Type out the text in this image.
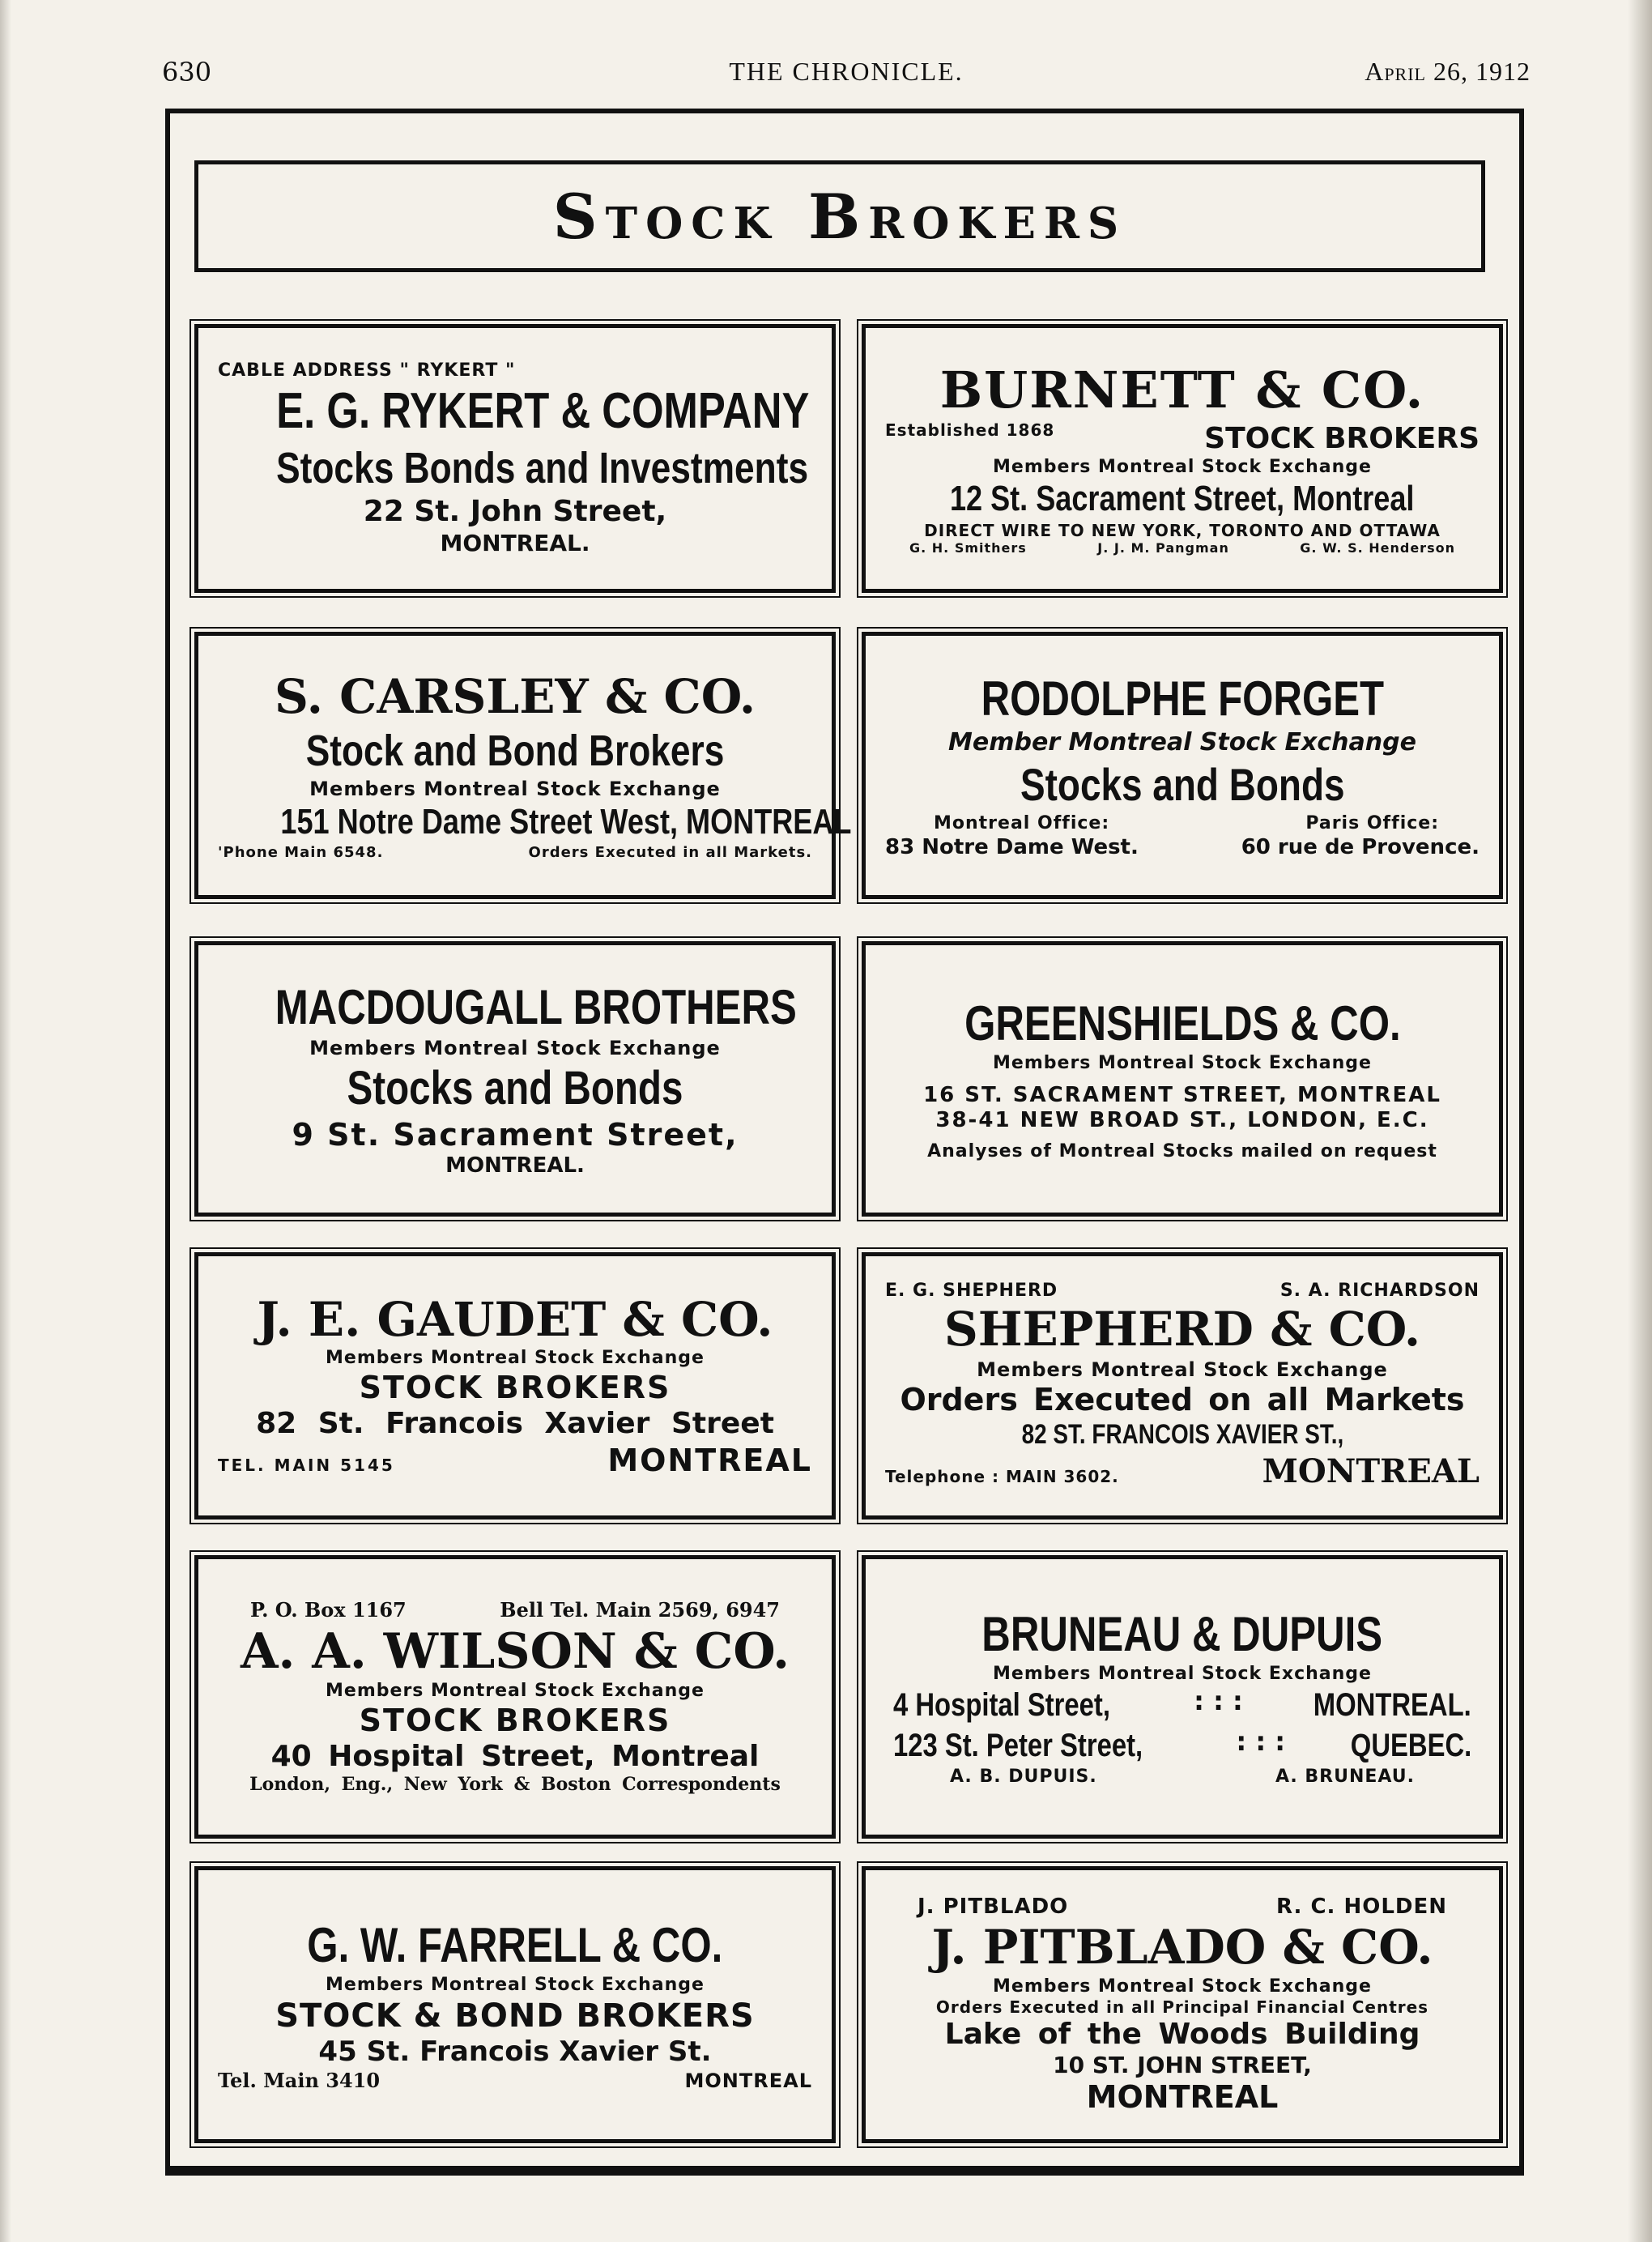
THE CHRONICLE.
630	April 26, 1912
Stock Brokers
CABLE ADDRESS " RYKERT "
E. G. RYKERT & COMPANY
Stocks Bonds and Investments
22 St. John Street,
MONTREAL.
BURNETT & CO.
Established 1868	STOCK BROKERS
Members Montreal Stock Exchange
12 St. Sacrament Street, Montreal
DIRECT WIRE TO NEW YORK, TORONTO AND OTTAWA
G. H. Smithers	J. J. M. Pangman	G. W. S. Henderson
S. CARSLEY & CO.
Stock and Bond Brokers
Members Montreal Stock Exchange
151 Notre Dame Street West, MONTREAL
'Phone Main 6548.	Orders Executed in all Markets.
RODOLPHE FORGET
Member Montreal Stock Exchange
Stocks and Bonds
Montreal Office:	Paris Office:
83 Notre Dame West.	60 rue de Provence.
MACDOUGALL BROTHERS
Members Montreal Stock Exchange
Stocks and Bonds
9 St. Sacrament Street,
MONTREAL.
GREENSHIELDS & CO.
Members Montreal Stock Exchange
16 ST. SACRAMENT STREET, MONTREAL
38-41 NEW BROAD ST., LONDON, E.C.
Analyses of Montreal Stocks mailed on request
J. E. GAUDET & CO.
Members Montreal Stock Exchange
STOCK BROKERS
82 St. Francois Xavier Street
TEL. MAIN 5145	MONTREAL
E. G. SHEPHERD	S. A. RICHARDSON
SHEPHERD & CO.
Members Montreal Stock Exchange
Orders Executed on all Markets
82 ST. FRANCOIS XAVIER ST.,
Telephone : MAIN 3602.	MONTREAL
P. O. Box 1167	Bell Tel. Main 2569, 6947
A. A. WILSON & CO.
Members Montreal Stock Exchange
STOCK BROKERS
40 Hospital Street, Montreal
London, Eng., New York & Boston Correspondents
BRUNEAU & DUPUIS
Members Montreal Stock Exchange
4 Hospital Street,	: : : MONTREAL.
123 St. Peter Street,	: : : QUEBEC.
A. B. DUPUIS.	A. BRUNEAU.
G. W. FARRELL & CO.
Members Montreal Stock Exchange
STOCK & BOND BROKERS
45 St. Francois Xavier St.
Tel. Main 3410	MONTREAL
J. PITBLADO	R. C. HOLDEN
J. PITBLADO & CO.
Members Montreal Stock Exchange
Orders Executed in all Principal Financial Centres
Lake of the Woods Building
10 ST. JOHN STREET,
MONTREAL
